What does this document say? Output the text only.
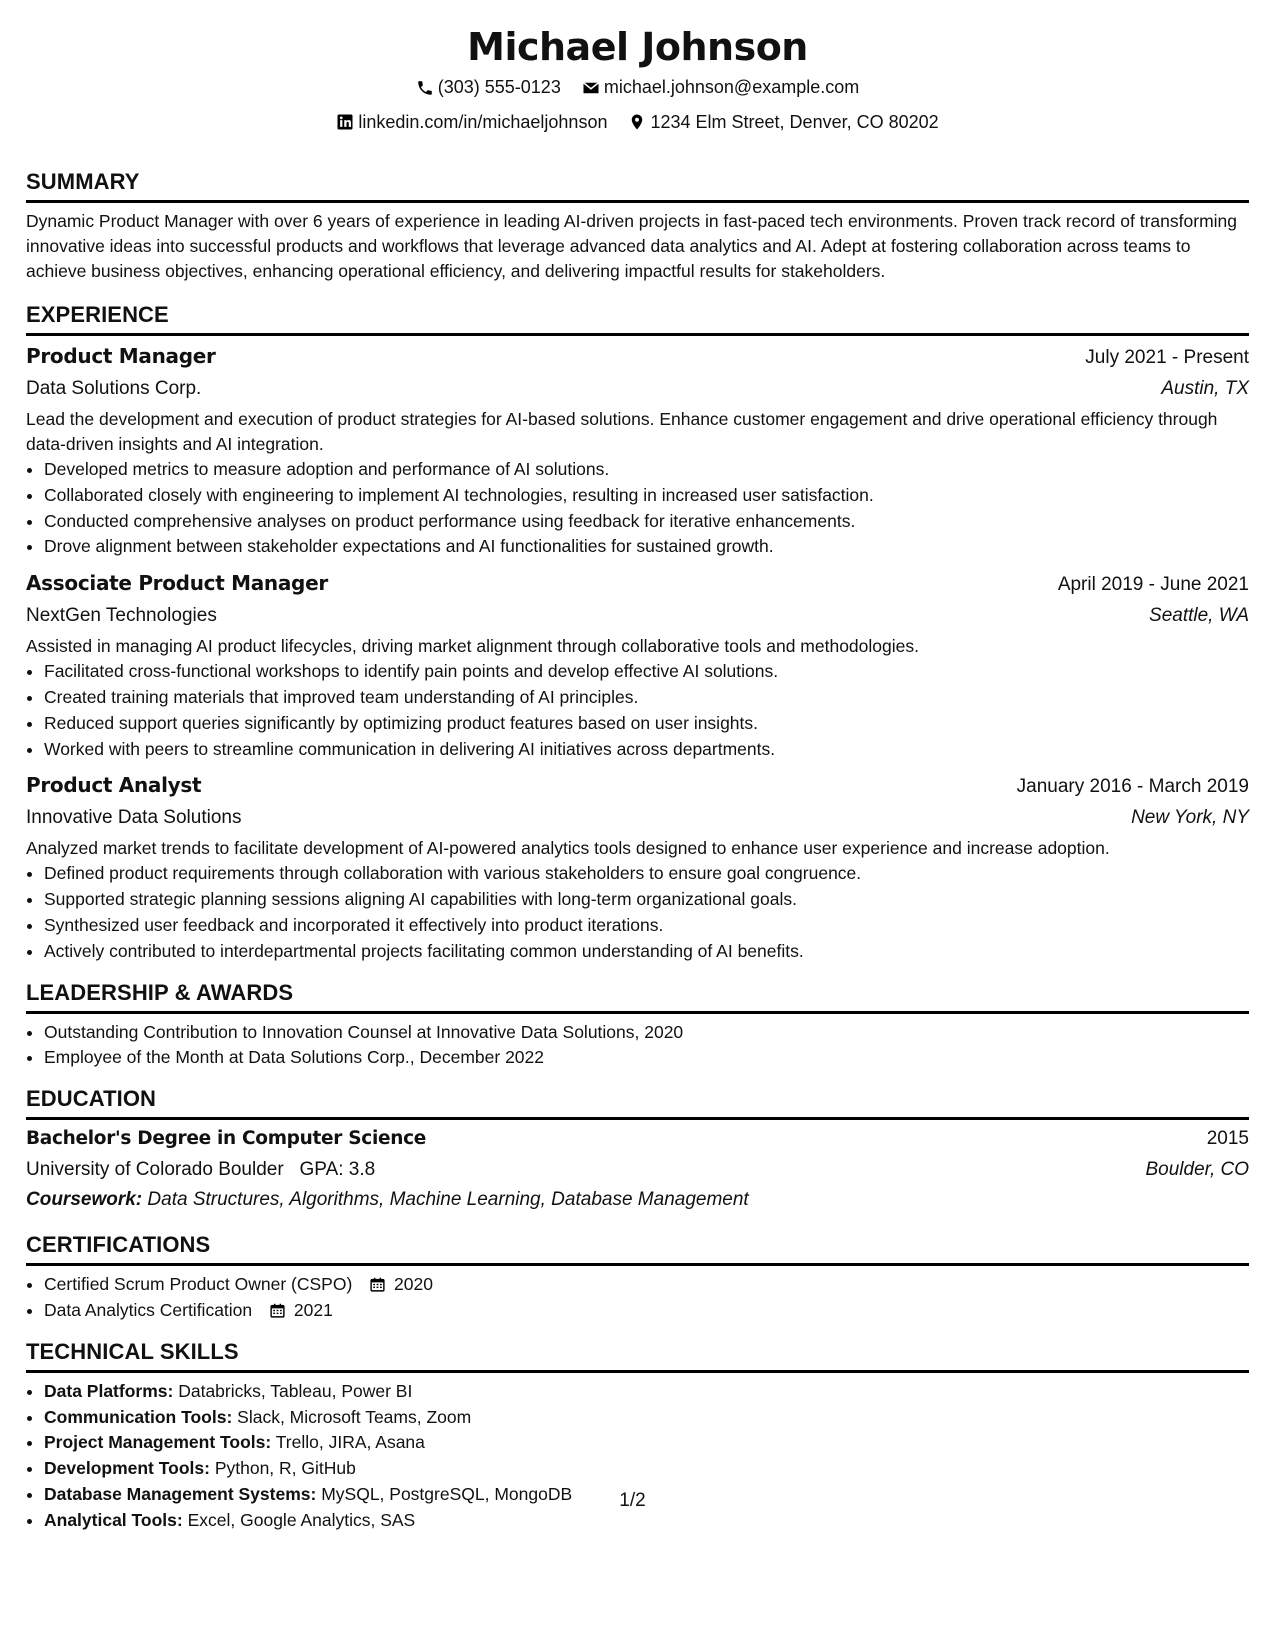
Michael Johnson
(303) 555-0123
michael.johnson@example.com
linkedin.com/in/michaeljohnson
1234 Elm Street, Denver, CO 80202
SUMMARY

Dynamic Product Manager with over 6 years of experience in leading AI-driven projects in fast-paced tech environments. Proven track record of transforming innovative ideas into successful products and workflows that leverage advanced data analytics and AI. Adept at fostering collaboration across teams to achieve business objectives, enhancing operational efficiency, and delivering impactful results for stakeholders.

EXPERIENCE
Product Manager	July 2021 - Present
Data Solutions Corp.	Austin, TX

Lead the development and execution of product strategies for AI-based solutions. Enhance customer engagement and drive operational efficiency through data-driven insights and AI integration.

• Developed metrics to measure adoption and performance of AI solutions.
• Collaborated closely with engineering to implement AI technologies, resulting in increased user satisfaction.
• Conducted comprehensive analyses on product performance using feedback for iterative enhancements.
• Drove alignment between stakeholder expectations and AI functionalities for sustained growth.
Associate Product Manager	April 2019 - June 2021
NextGen Technologies	Seattle, WA

Assisted in managing AI product lifecycles, driving market alignment through collaborative tools and methodologies.

• Facilitated cross-functional workshops to identify pain points and develop effective AI solutions.
• Created training materials that improved team understanding of AI principles.
• Reduced support queries significantly by optimizing product features based on user insights.
• Worked with peers to streamline communication in delivering AI initiatives across departments.
Product Analyst	January 2016 - March 2019
Innovative Data Solutions	New York, NY

Analyzed market trends to facilitate development of AI-powered analytics tools designed to enhance user experience and increase adoption.

• Defined product requirements through collaboration with various stakeholders to ensure goal congruence.
• Supported strategic planning sessions aligning AI capabilities with long-term organizational goals.
• Synthesized user feedback and incorporated it effectively into product iterations.
• Actively contributed to interdepartmental projects facilitating common understanding of AI benefits.
LEADERSHIP & AWARDS
• Outstanding Contribution to Innovation Counsel at Innovative Data Solutions, 2020
• Employee of the Month at Data Solutions Corp., December 2022
EDUCATION
Bachelor's Degree in Computer Science	2015
University of Colorado Boulder GPA: 3.8	Boulder, CO
Coursework: Data Structures, Algorithms, Machine Learning, Database Management
CERTIFICATIONS
• Certified Scrum Product Owner (CSPO) 2020
• Data Analytics Certification 2021
TECHNICAL SKILLS
• Data Platforms: Databricks, Tableau, Power BI
• Communication Tools: Slack, Microsoft Teams, Zoom
• Project Management Tools: Trello, JIRA, Asana
• Development Tools: Python, R, GitHub
• Database Management Systems: MySQL, PostgreSQL, MongoDB
• Analytical Tools: Excel, Google Analytics, SAS
1/2
